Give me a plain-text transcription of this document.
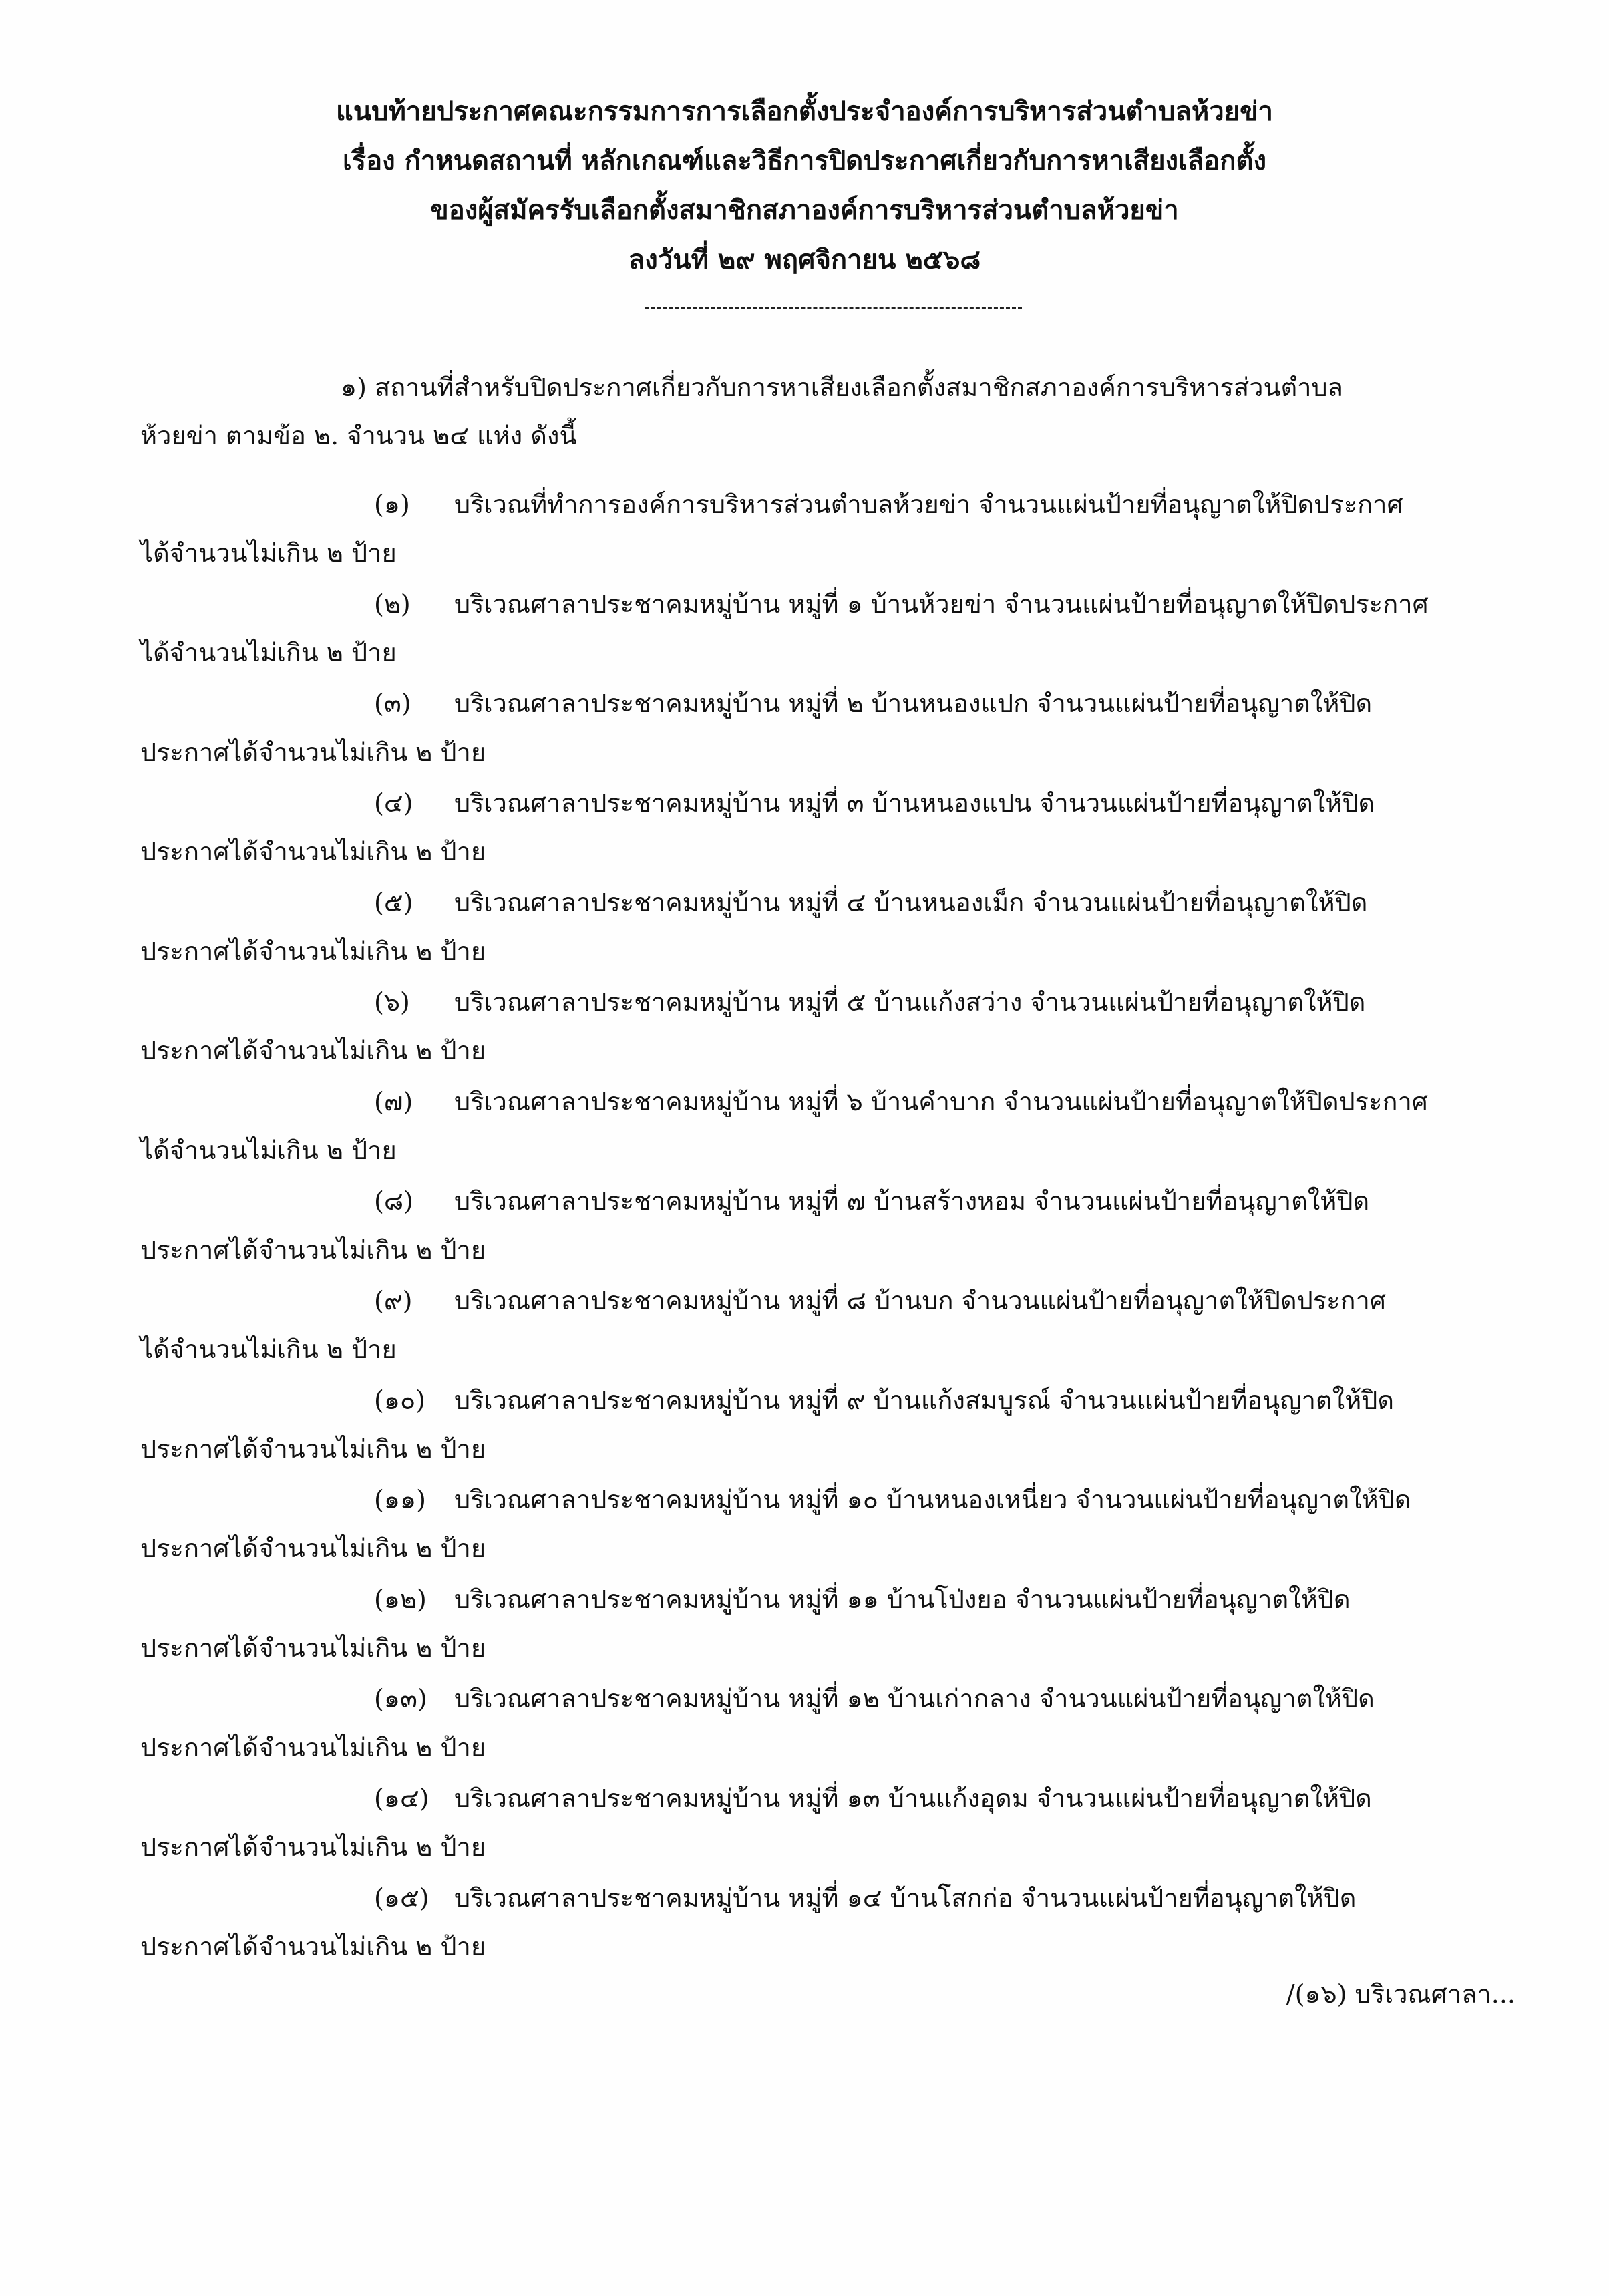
แนบท้ายประกาศคณะกรรมการการเลือกตั้งประจำองค์การบริหารส่วนตำบลห้วยข่า
เรื่อง กำหนดสถานที่ หลักเกณฑ์และวิธีการปิดประกาศเกี่ยวกับการหาเสียงเลือกตั้ง
ของผู้สมัครรับเลือกตั้งสมาชิกสภาองค์การบริหารส่วนตำบลห้วยข่า
ลงวันที่ ๒๙ พฤศจิกายน ๒๕๖๘
๑) สถานที่สำหรับปิดประกาศเกี่ยวกับการหาเสียงเลือกตั้งสมาชิกสภาองค์การบริหารส่วนตำบล
ห้วยข่า ตามข้อ ๒. จำนวน ๒๔ แห่ง ดังนี้
(๑)	บริเวณที่ทำการองค์การบริหารส่วนตำบลห้วยข่า จำนวนแผ่นป้ายที่อนุญาตให้ปิดประกาศ
ได้จำนวนไม่เกิน ๒ ป้าย
(๒)	บริเวณศาลาประชาคมหมู่บ้าน หมู่ที่ ๑ บ้านห้วยข่า จำนวนแผ่นป้ายที่อนุญาตให้ปิดประกาศ
ได้จำนวนไม่เกิน ๒ ป้าย
(๓)	บริเวณศาลาประชาคมหมู่บ้าน หมู่ที่ ๒ บ้านหนองแปก จำนวนแผ่นป้ายที่อนุญาตให้ปิด
ประกาศได้จำนวนไม่เกิน ๒ ป้าย
(๔)	บริเวณศาลาประชาคมหมู่บ้าน หมู่ที่ ๓ บ้านหนองแปน จำนวนแผ่นป้ายที่อนุญาตให้ปิด
ประกาศได้จำนวนไม่เกิน ๒ ป้าย
(๕)	บริเวณศาลาประชาคมหมู่บ้าน หมู่ที่ ๔ บ้านหนองเม็ก จำนวนแผ่นป้ายที่อนุญาตให้ปิด
ประกาศได้จำนวนไม่เกิน ๒ ป้าย
(๖)	บริเวณศาลาประชาคมหมู่บ้าน หมู่ที่ ๕ บ้านแก้งสว่าง จำนวนแผ่นป้ายที่อนุญาตให้ปิด
ประกาศได้จำนวนไม่เกิน ๒ ป้าย
(๗)	บริเวณศาลาประชาคมหมู่บ้าน หมู่ที่ ๖ บ้านคำบาก จำนวนแผ่นป้ายที่อนุญาตให้ปิดประกาศ
ได้จำนวนไม่เกิน ๒ ป้าย
(๘)	บริเวณศาลาประชาคมหมู่บ้าน หมู่ที่ ๗ บ้านสร้างหอม จำนวนแผ่นป้ายที่อนุญาตให้ปิด
ประกาศได้จำนวนไม่เกิน ๒ ป้าย
(๙)	บริเวณศาลาประชาคมหมู่บ้าน หมู่ที่ ๘ บ้านบก จำนวนแผ่นป้ายที่อนุญาตให้ปิดประกาศ
ได้จำนวนไม่เกิน ๒ ป้าย
(๑๐)	บริเวณศาลาประชาคมหมู่บ้าน หมู่ที่ ๙ บ้านแก้งสมบูรณ์ จำนวนแผ่นป้ายที่อนุญาตให้ปิด
ประกาศได้จำนวนไม่เกิน ๒ ป้าย
(๑๑)	บริเวณศาลาประชาคมหมู่บ้าน หมู่ที่ ๑๐ บ้านหนองเหนี่ยว จำนวนแผ่นป้ายที่อนุญาตให้ปิด
ประกาศได้จำนวนไม่เกิน ๒ ป้าย
(๑๒)	บริเวณศาลาประชาคมหมู่บ้าน หมู่ที่ ๑๑ บ้านโป่งยอ จำนวนแผ่นป้ายที่อนุญาตให้ปิด
ประกาศได้จำนวนไม่เกิน ๒ ป้าย
(๑๓)	บริเวณศาลาประชาคมหมู่บ้าน หมู่ที่ ๑๒ บ้านเก่ากลาง จำนวนแผ่นป้ายที่อนุญาตให้ปิด
ประกาศได้จำนวนไม่เกิน ๒ ป้าย
(๑๔) บริเวณศาลาประชาคมหมู่บ้าน หมู่ที่ ๑๓ บ้านแก้งอุดม จำนวนแผ่นป้ายที่อนุญาตให้ปิด
ประกาศได้จำนวนไม่เกิน ๒ ป้าย
(๑๕) บริเวณศาลาประชาคมหมู่บ้าน หมู่ที่ ๑๔ บ้านโสกก่อ จำนวนแผ่นป้ายที่อนุญาตให้ปิด
ประกาศได้จำนวนไม่เกิน ๒ ป้าย
/(๑๖) บริเวณศาลา...
